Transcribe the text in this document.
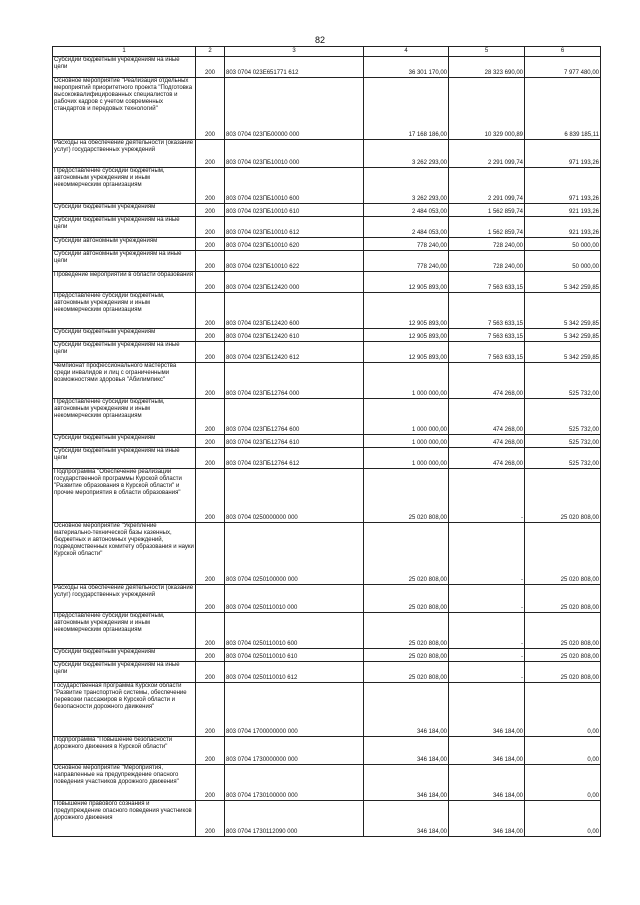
82
1	2	3	4	5	6
Субсидии бюджетным учреждениям на иные цели	200	803 0704 023Е651771 612	36 301 170,00	28 323 690,00	7 977 480,00
Основное мероприятие "Реализация отдельных мероприятий приоритетного проекта "Подготовка высококвалифицированных специалистов и рабочих кадров с учетом современных стандартов и передовых технологий"	200	803 0704 023ПБ00000 000	17 168 186,00	10 329 000,89	6 839 185,11
Расходы на обеспечение деятельности (оказание услуг) государственных учреждений	200	803 0704 023ПБ10010 000	3 262 293,00	2 291 099,74	971 193,26
Предоставление субсидий бюджетным, автономным учреждениям и иным некоммерческим организациям	200	803 0704 023ПБ10010 600	3 262 293,00	2 291 099,74	971 193,26
Субсидии бюджетным учреждениям	200	803 0704 023ПБ10010 610	2 484 053,00	1 562 859,74	921 193,26
Субсидии бюджетным учреждениям на иные цели	200	803 0704 023ПБ10010 612	2 484 053,00	1 562 859,74	921 193,26
Субсидии автономным учреждениям	200	803 0704 023ПБ10010 620	778 240,00	728 240,00	50 000,00
Субсидии автономным учреждениям на иные цели	200	803 0704 023ПБ10010 622	778 240,00	728 240,00	50 000,00
Проведение мероприятий в области образования	200	803 0704 023ПБ12420 000	12 905 893,00	7 563 633,15	5 342 259,85
Предоставление субсидий бюджетным, автономным учреждениям и иным некоммерческим организациям	200	803 0704 023ПБ12420 600	12 905 893,00	7 563 633,15	5 342 259,85
Субсидии бюджетным учреждениям	200	803 0704 023ПБ12420 610	12 905 893,00	7 563 633,15	5 342 259,85
Субсидии бюджетным учреждениям на иные цели	200	803 0704 023ПБ12420 612	12 905 893,00	7 563 633,15	5 342 259,85
Чемпионат профессионального мастерства среди инвалидов и лиц с ограниченными возможностями здоровья "Абилимпикс"	200	803 0704 023ПБ12764 000	1 000 000,00	474 268,00	525 732,00
Предоставление субсидий бюджетным, автономным учреждениям и иным некоммерческим организациям	200	803 0704 023ПБ12764 600	1 000 000,00	474 268,00	525 732,00
Субсидии бюджетным учреждениям	200	803 0704 023ПБ12764 610	1 000 000,00	474 268,00	525 732,00
Субсидии бюджетным учреждениям на иные цели	200	803 0704 023ПБ12764 612	1 000 000,00	474 268,00	525 732,00
Подпрограмма "Обеспечение реализации государственной программы Курской области "Развитие образования в Курской области" и прочие мероприятия в области образования"	200	803 0704 0250000000 000	25 020 808,00	-	25 020 808,00
Основное мероприятие "Укрепление материально-технической базы казенных, бюджетных и автономных учреждений, подведомственных комитету образования и науки Курской области"	200	803 0704 0250100000 000	25 020 808,00	-	25 020 808,00
Расходы на обеспечение деятельности (оказание услуг) государственных учреждений	200	803 0704 0250110010 000	25 020 808,00	-	25 020 808,00
Предоставление субсидий бюджетным, автономным учреждениям и иным некоммерческим организациям	200	803 0704 0250110010 600	25 020 808,00	-	25 020 808,00
Субсидии бюджетным учреждениям	200	803 0704 0250110010 610	25 020 808,00	-	25 020 808,00
Субсидии бюджетным учреждениям на иные цели	200	803 0704 0250110010 612	25 020 808,00	-	25 020 808,00
Государственная программа Курской области "Развитие транспортной системы, обеспечение перевозки пассажиров в Курской области и безопасности дорожного движения"	200	803 0704 1700000000 000	346 184,00	346 184,00	0,00
Подпрограмма "Повышение безопасности дорожного движения в Курской области"	200	803 0704 1730000000 000	346 184,00	346 184,00	0,00
Основное мероприятие "Мероприятия, направленные на предупреждение опасного поведения участников дорожного движения"	200	803 0704 1730100000 000	346 184,00	346 184,00	0,00
Повышение правового сознания и предупреждение опасного поведения участников дорожного движения	200	803 0704 1730112090 000	346 184,00	346 184,00	0,00
